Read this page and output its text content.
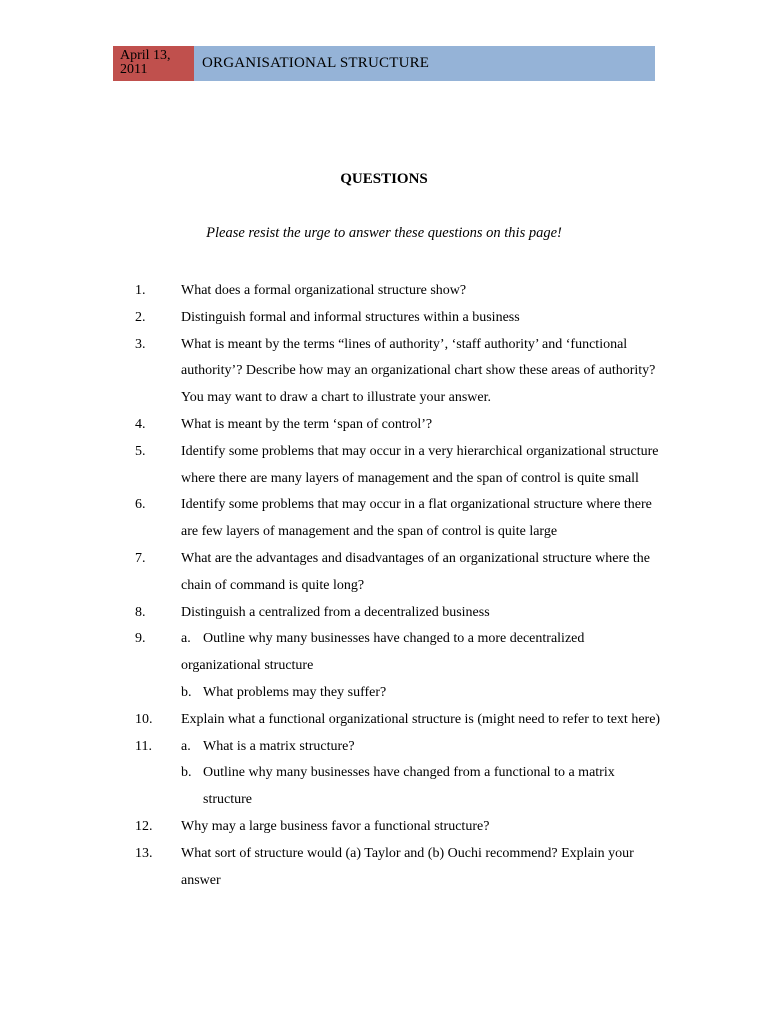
April 13, 2011	ORGANISATIONAL STRUCTURE
QUESTIONS
Please resist the urge to answer these questions on this page!
1.	What does a formal organizational structure show?
2.	Distinguish formal and informal structures within a business
3.	What is meant by the terms “lines of authority’, ‘staff authority’ and ‘functional authority’? Describe how may an organizational chart show these areas of authority? You may want to draw a chart to illustrate your answer.
4.	What is meant by the term ‘span of control’?
5.	Identify some problems that may occur in a very hierarchical organizational structure where there are many layers of management and the span of control is quite small
6.	Identify some problems that may occur in a flat organizational structure where there are few layers of management and the span of control is quite large
7.	What are the advantages and disadvantages of an organizational structure where the chain of command is quite long?
8.	Distinguish a centralized from a decentralized business
9.	a. Outline why many businesses have changed to a more decentralized
organizational structure
b. What problems may they suffer?
10.	Explain what a functional organizational structure is (might need to refer to text here)
11.	a. What is a matrix structure?
b. Outline why many businesses have changed from a functional to a matrix structure
12.	Why may a large business favor a functional structure?
13.	What sort of structure would (a) Taylor and (b) Ouchi recommend? Explain your answer
